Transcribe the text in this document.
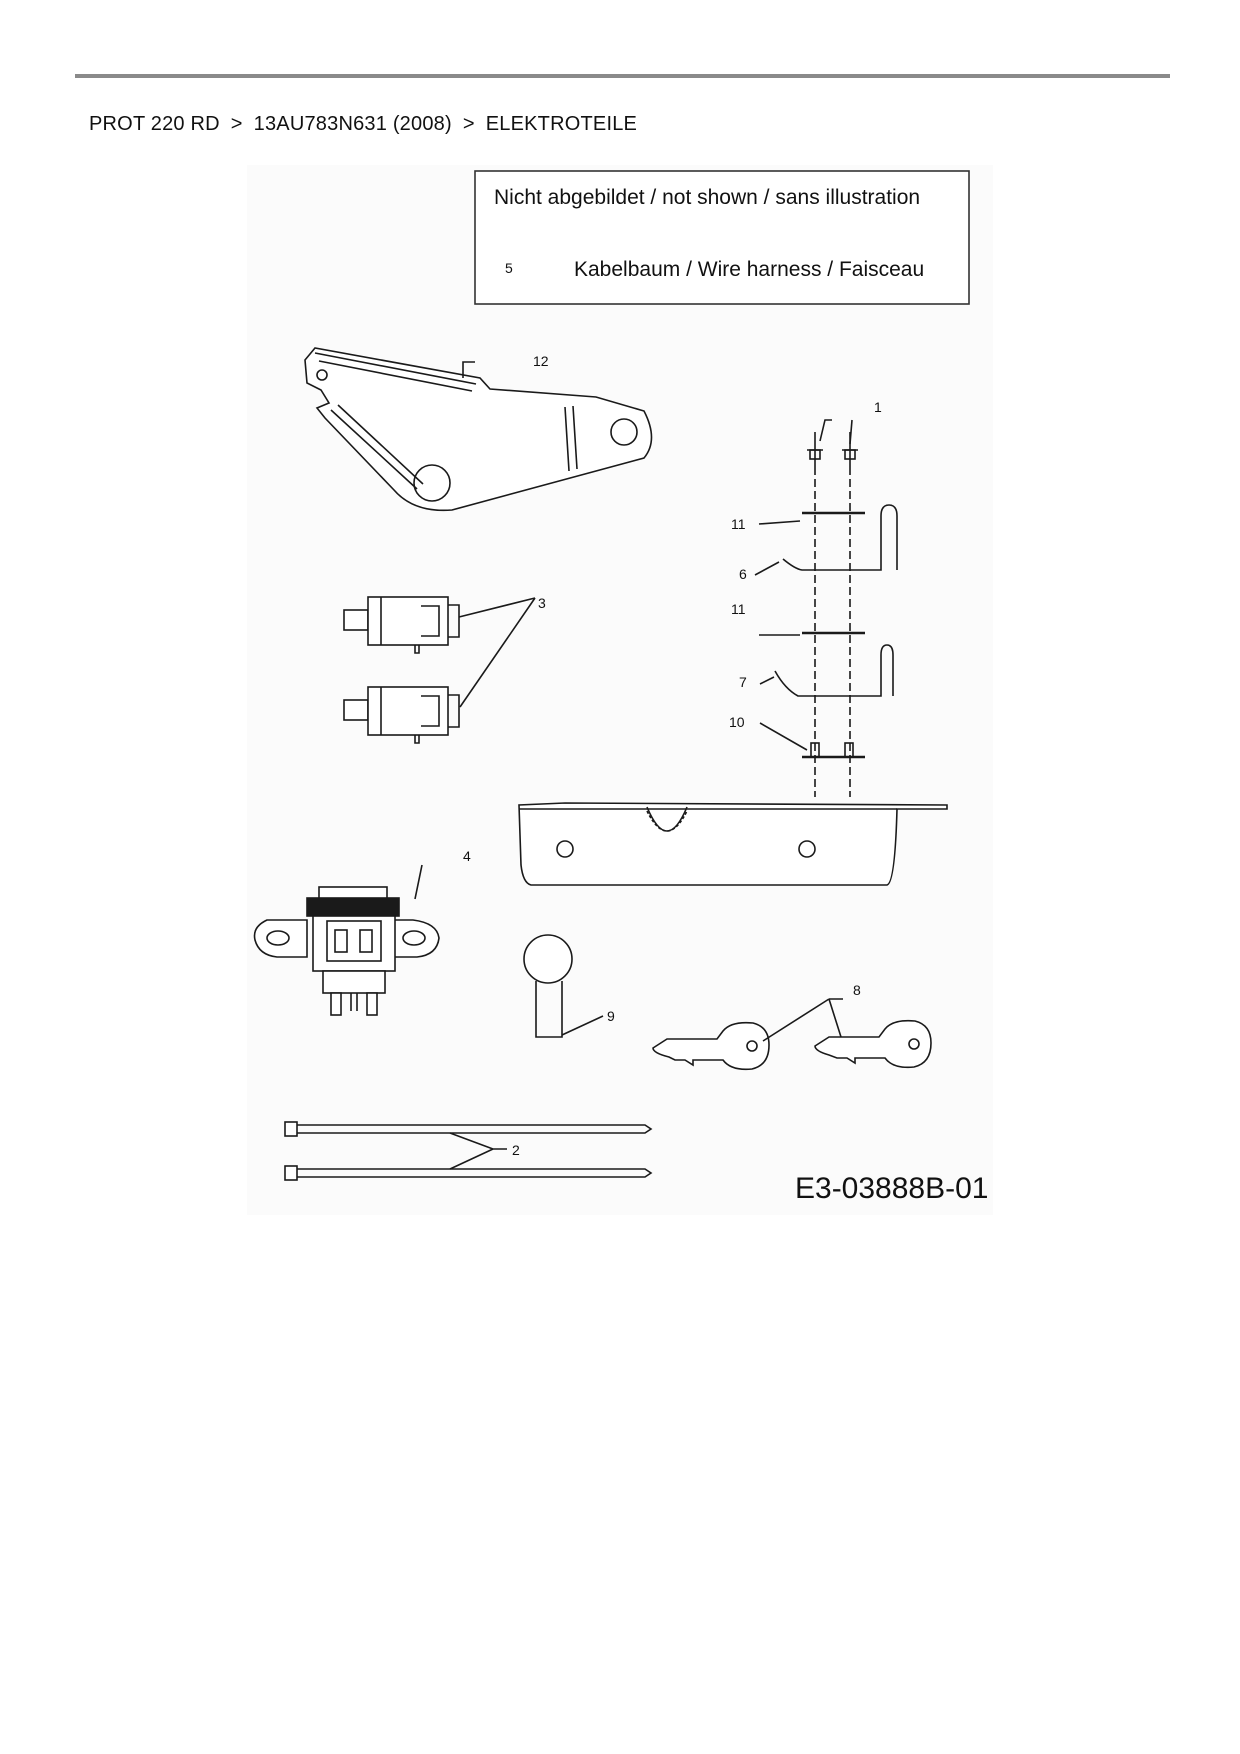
PROT 220 RD > 13AU783N631 (2008) > ELEKTROTEILE
Nicht abgebildet / not shown / sans illustration
5	Kabelbaum / Wire harness / Faisceau
12
1
11
6
3	11
7
10
4
8
9
2
E3-03888B-01
